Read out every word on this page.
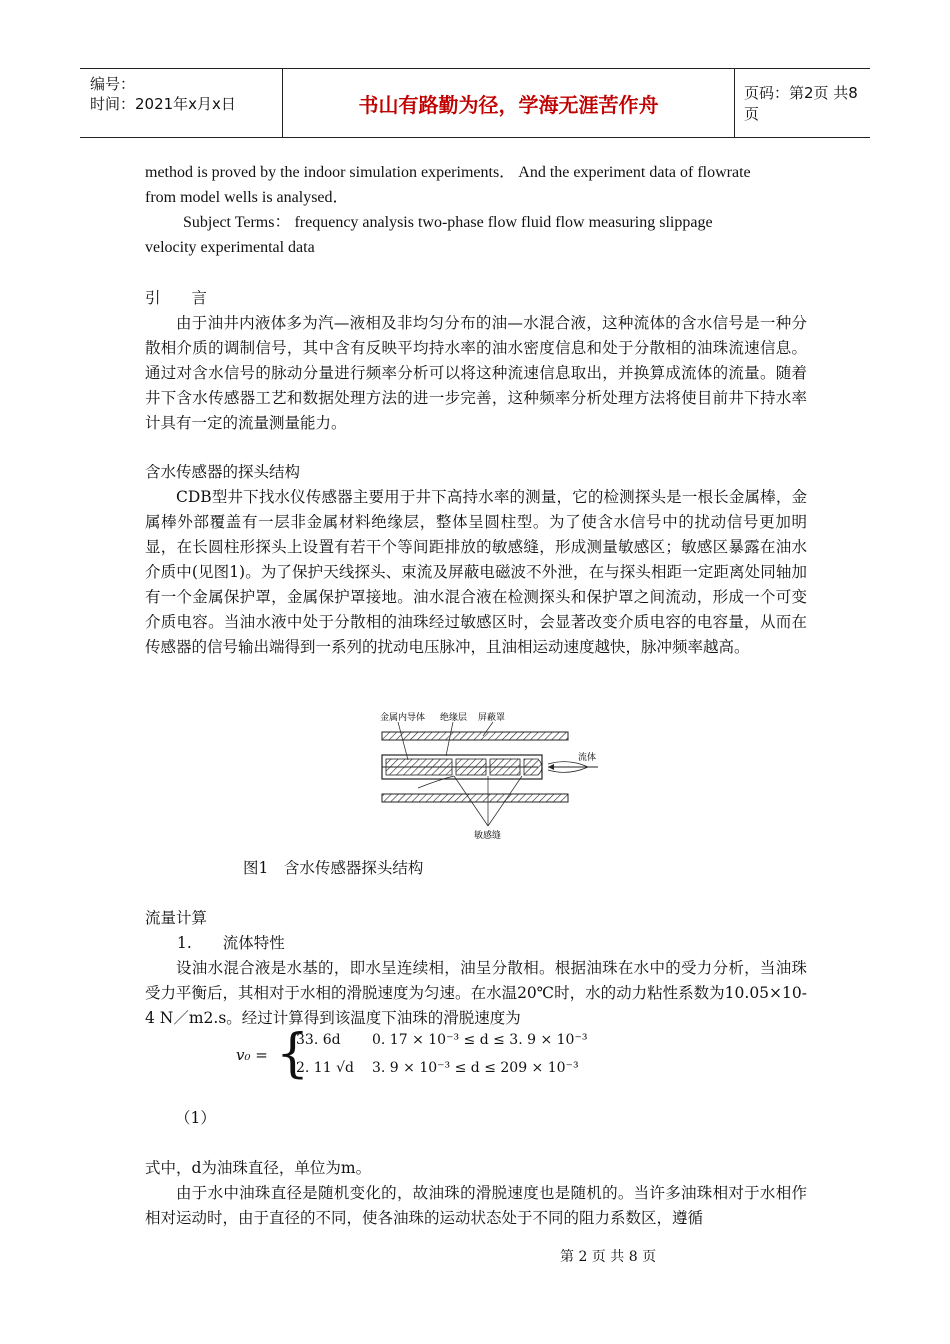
编号：
时间：2021年x月x日	书山有路勤为径，学海无涯苦作舟	页码：第2页 共8页
method is proved by the indoor simulation experiments． And the experiment data of flowrate
from model wells is analysed．
Subject Terms： frequency analysis two-phase flow fluid flow measuring slippage
velocity experimental data
引　　言
由于油井内液体多为汽—液相及非均匀分布的油—水混合液，这种流体的含水信号是一种分散相介质的调制信号，其中含有反映平均持水率的油水密度信息和处于分散相的油珠流速信息。通过对含水信号的脉动分量进行频率分析可以将这种流速信息取出，并换算成流体的流量。随着井下含水传感器工艺和数据处理方法的进一步完善，这种频率分析处理方法将使目前井下持水率计具有一定的流量测量能力。
含水传感器的探头结构
CDB型井下找水仪传感器主要用于井下高持水率的测量，它的检测探头是一根长金属棒，金属棒外部覆盖有一层非金属材料绝缘层，整体呈圆柱型。为了使含水信号中的扰动信号更加明显，在长圆柱形探头上设置有若干个等间距排放的敏感缝，形成测量敏感区；敏感区暴露在油水介质中(见图1)。为了保护天线探头、束流及屏蔽电磁波不外泄，在与探头相距一定距离处同轴加有一个金属保护罩，金属保护罩接地。油水混合液在检测探头和保护罩之间流动，形成一个可变介质电容。当油水液中处于分散相的油珠经过敏感区时，会显著改变介质电容的电容量，从而在传感器的信号输出端得到一系列的扰动电压脉冲，且油相运动速度越快，脉冲频率越高。
金属内导体 绝缘层 屏蔽罩
流体
敏感缝
图1　含水传感器探头结构
流量计算
1.　　流体特性
设油水混合液是水基的，即水呈连续相，油呈分散相。根据油珠在水中的受力分析，当油珠受力平衡后，其相对于水相的滑脱速度为匀速。在水温20℃时，水的动力粘性系数为10.05×10-4 N／m2.s。经过计算得到该温度下油珠的滑脱速度为
v₀ = {
33. 6d 0. 17 × 10⁻³ ≤ d ≤ 3. 9 × 10⁻³
2. 11 √d 3. 9 × 10⁻³ ≤ d ≤ 209 × 10⁻³
（1）
式中，d为油珠直径，单位为m。
由于水中油珠直径是随机变化的，故油珠的滑脱速度也是随机的。当许多油珠相对于水相作相对运动时，由于直径的不同，使各油珠的运动状态处于不同的阻力系数区，遵循
第 2 页 共 8 页
